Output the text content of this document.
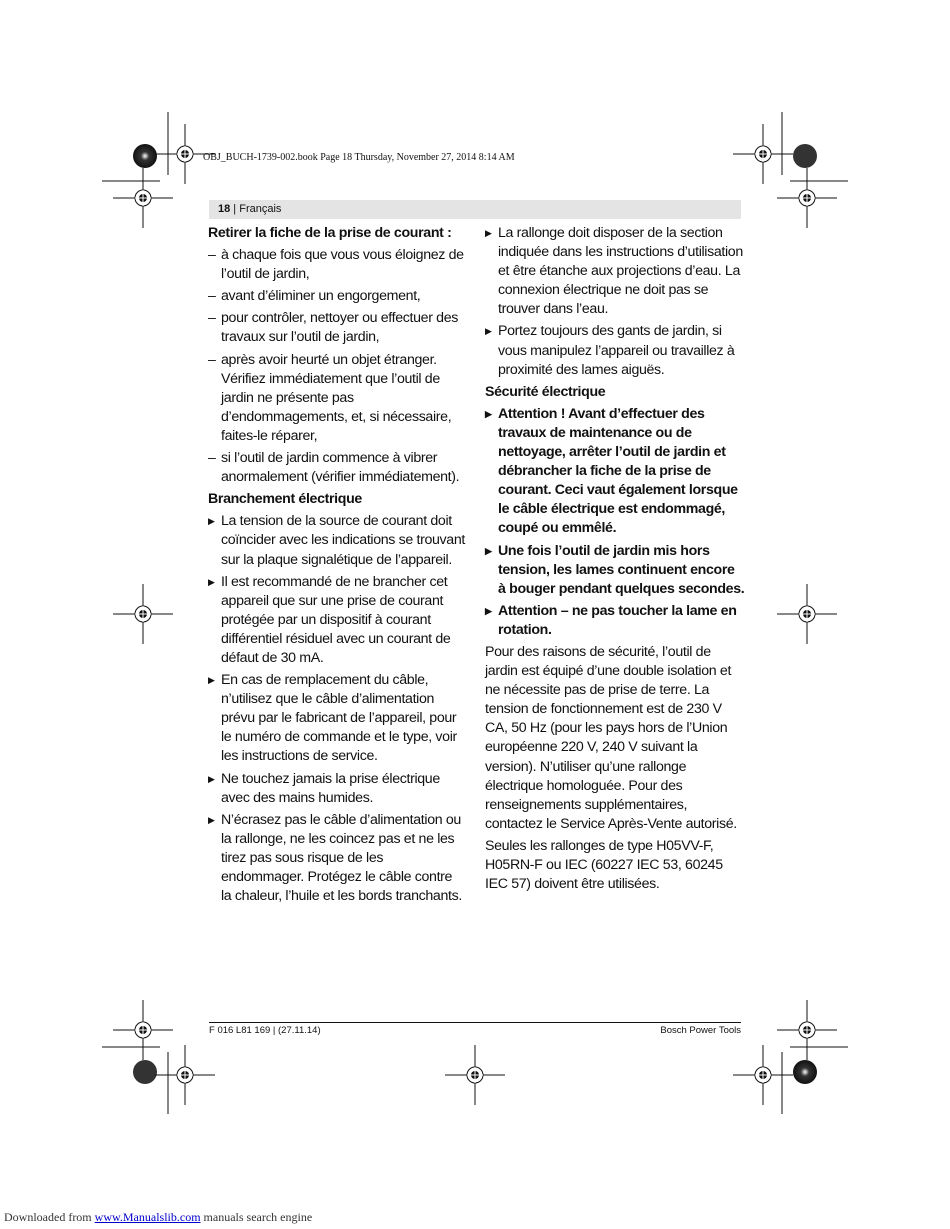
OBJ_BUCH-1739-002.book Page 18 Thursday, November 27, 2014 8:14 AM
18 | Français
Retirer la fiche de la prise de courant :
– à chaque fois que vous vous éloignez de l’outil de jardin,
– avant d’éliminer un engorgement,
– pour contrôler, nettoyer ou effectuer des travaux sur l’outil de jardin,
– après avoir heurté un objet étranger. Vérifiez immédiatement que l’outil de jardin ne présente pas d’endommagements, et, si nécessaire, faites-le réparer,
– si l’outil de jardin commence à vibrer anormalement (vérifier immédiatement).
Branchement électrique
▶ La tension de la source de courant doit coïncider avec les indications se trouvant sur la plaque signalétique de l’appareil.
▶ Il est recommandé de ne brancher cet appareil que sur une prise de courant protégée par un dispositif à courant différentiel résiduel avec un courant de défaut de 30 mA.
▶ En cas de remplacement du câble, n’utilisez que le câble d’alimentation prévu par le fabricant de l’appareil, pour le numéro de commande et le type, voir les instructions de service.
▶ Ne touchez jamais la prise électrique avec des mains humides.
▶ N’écrasez pas le câble d’alimentation ou la rallonge, ne les coincez pas et ne les tirez pas sous risque de les endommager. Protégez le câble contre la chaleur, l’huile et les bords tranchants.
▶ La rallonge doit disposer de la section indiquée dans les instructions d’utilisation et être étanche aux projections d’eau. La connexion électrique ne doit pas se trouver dans l’eau.
▶ Portez toujours des gants de jardin, si vous manipulez l’appareil ou travaillez à proximité des lames aiguës.
Sécurité électrique
▶ Attention ! Avant d’effectuer des travaux de maintenance ou de nettoyage, arrêter l’outil de jardin et débrancher la fiche de la prise de courant. Ceci vaut également lorsque le câble électrique est endommagé, coupé ou emmêlé.
▶ Une fois l’outil de jardin mis hors tension, les lames continuent encore à bouger pendant quelques secondes.
▶ Attention – ne pas toucher la lame en rotation.

Pour des raisons de sécurité, l’outil de jardin est équipé d’une double isolation et ne nécessite pas de prise de terre. La tension de fonctionnement est de 230 V CA, 50 Hz (pour les pays hors de l’Union européenne 220 V, 240 V suivant la version). N’utiliser qu’une rallonge électrique homologuée. Pour des renseignements supplémentaires, contactez le Service Après-Vente autorisé.

Seules les rallonges de type H05VV-F, H05RN-F ou IEC (60227 IEC 53, 60245 IEC 57) doivent être utilisées.

F 016 L81 169 | (27.11.14)	Bosch Power Tools
Downloaded from www.Manualslib.com manuals search engine
